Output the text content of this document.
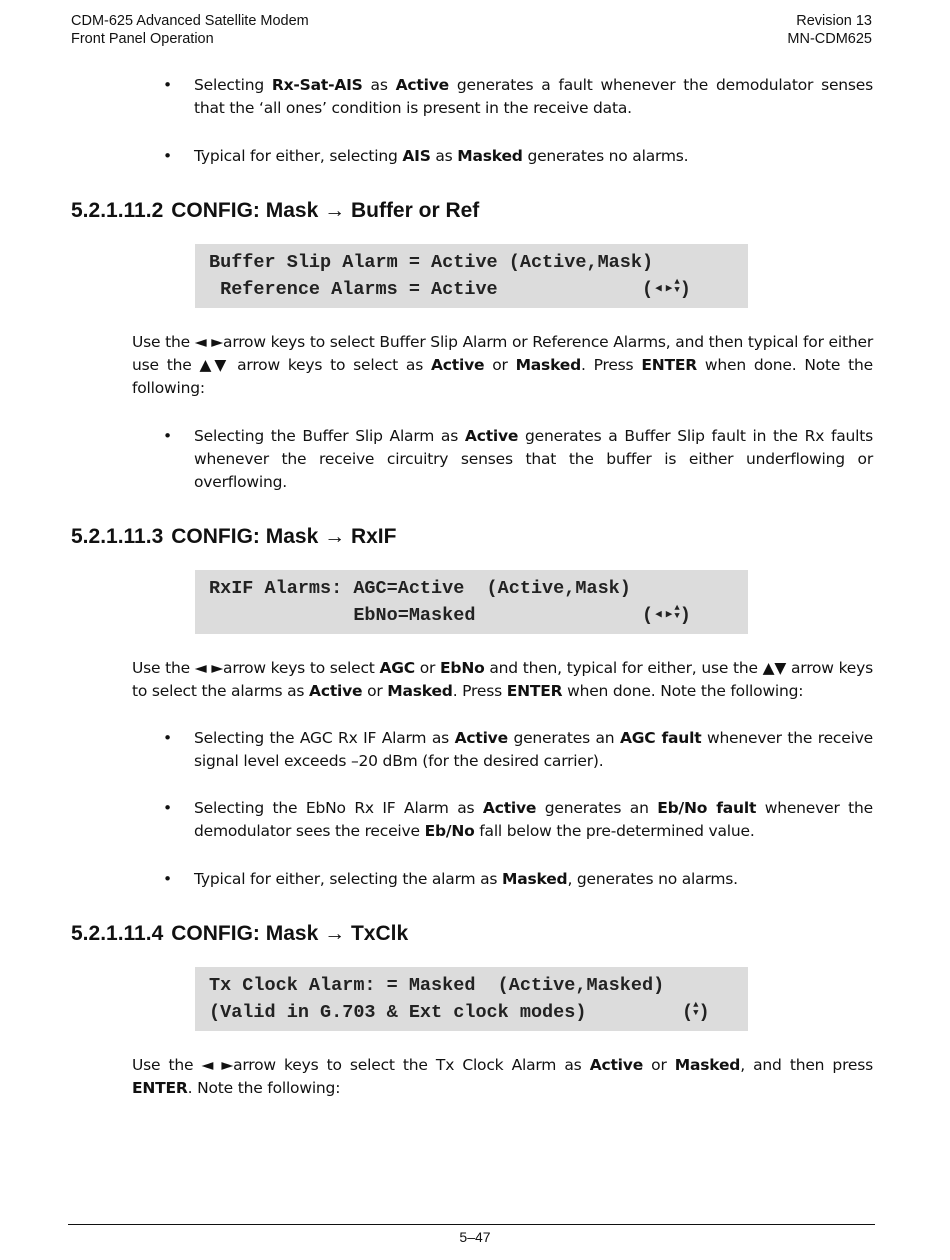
CDM-625 Advanced Satellite Modem
Front Panel Operation
Revision 13
MN-CDM625
• Selecting Rx-Sat-AIS as Active generates a fault whenever the demodulator senses that the ‘all ones’ condition is present in the receive data.
• Typical for either, selecting AIS as Masked generates no alarms.
5.2.1.11.2 CONFIG: Mask → Buffer or Ref
Buffer Slip Alarm = Active (Active,Mask)
Reference Alarms = Active	( ◀ ▶▲
▼)
Use the ◄ ►arrow keys to select Buffer Slip Alarm or Reference Alarms, and then typical for either use the ▲▼ arrow keys to select as Active or Masked. Press ENTER when done. Note the following:
• Selecting the Buffer Slip Alarm as Active generates a Buffer Slip fault in the Rx faults whenever the receive circuitry senses that the buffer is either underflowing or overflowing.
5.2.1.11.3 CONFIG: Mask → RxIF
RxIF Alarms: AGC=Active  (Active,Mask)
EbNo=Masked	( ◀ ▶▲
▼)
Use the ◄ ►arrow keys to select AGC or EbNo and then, typical for either, use the ▲▼ arrow keys to select the alarms as Active or Masked. Press ENTER when done. Note the following:
• Selecting the AGC Rx IF Alarm as Active generates an AGC fault whenever the receive signal level exceeds –20 dBm (for the desired carrier).
• Selecting the EbNo Rx IF Alarm as Active generates an Eb/No fault whenever the demodulator sees the receive Eb/No fall below the pre-determined value.
• Typical for either, selecting the alarm as Masked, generates no alarms.
5.2.1.11.4 CONFIG: Mask → TxClk
Tx Clock Alarm: = Masked  (Active,Masked)
(Valid in G.703 & Ext clock modes)	(▲
▼)
Use the ◄ ►arrow keys to select the Tx Clock Alarm as Active or Masked, and then press ENTER. Note the following:
5–47
